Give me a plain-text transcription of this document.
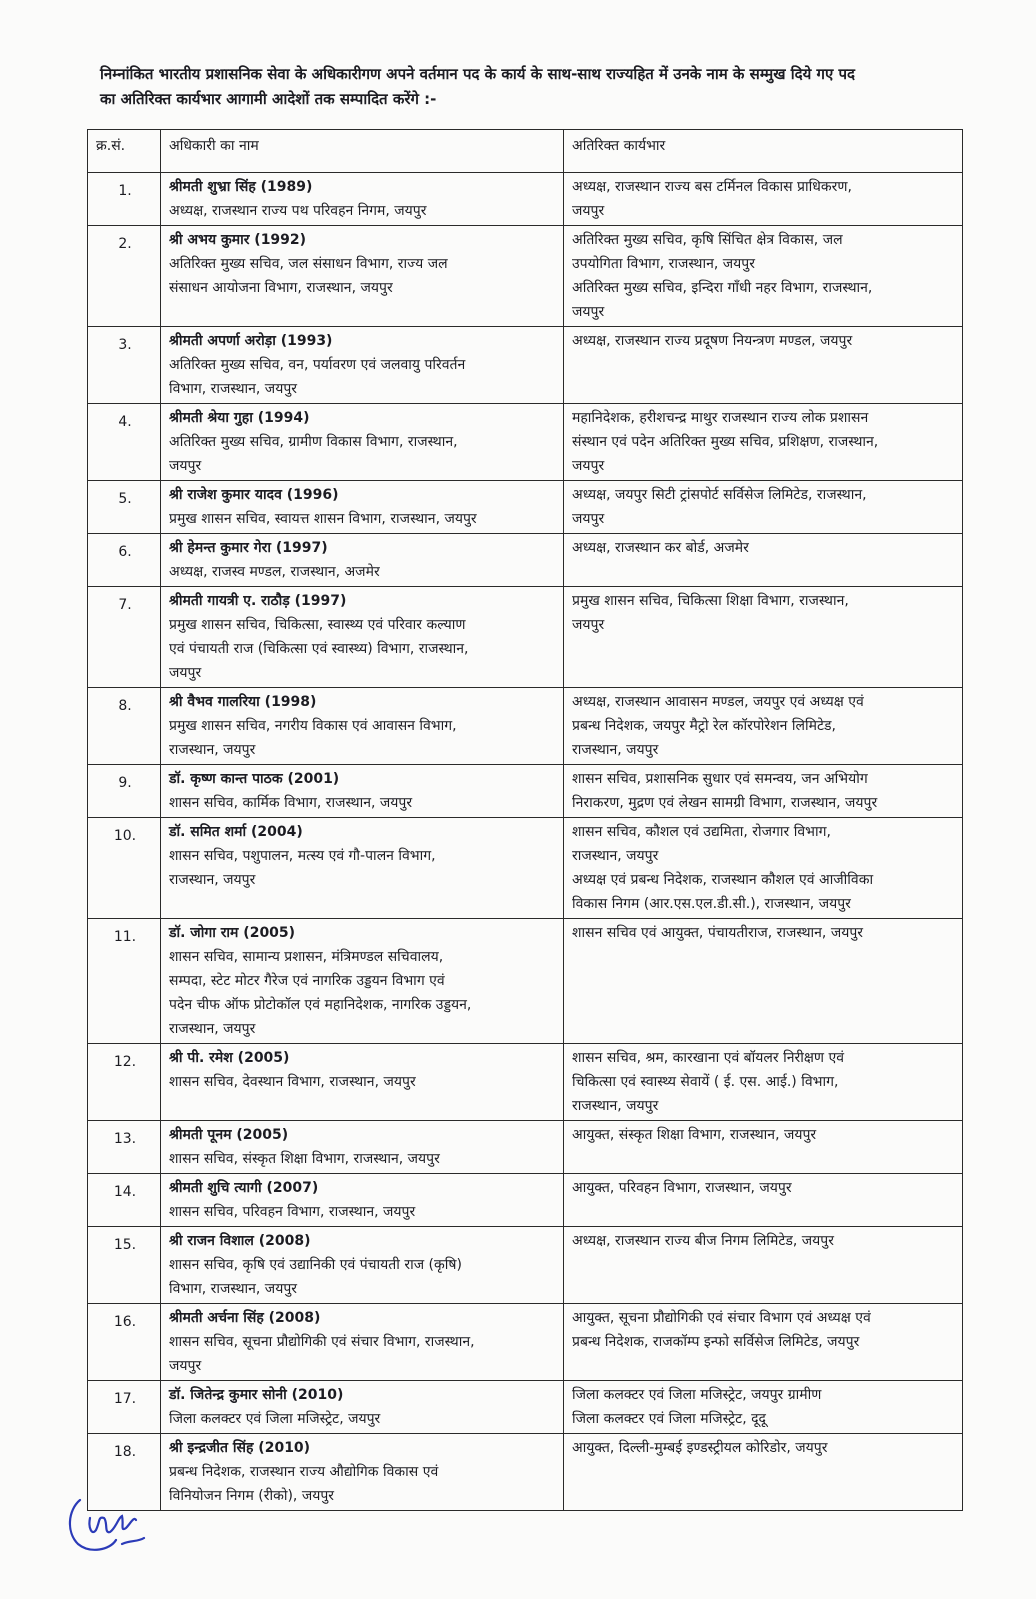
निम्नांकित भारतीय प्रशासनिक सेवा के अधिकारीगण अपने वर्तमान पद के कार्य के साथ-साथ राज्यहित में उनके नाम के सम्मुख दिये गए पद

का अतिरिक्त कार्यभार आगामी आदेशों तक सम्पादित करेंगे :-

क्र.सं.	अधिकारी का नाम	अतिरिक्त कार्यभार
1.	श्रीमती शुभ्रा सिंह (1989)
अध्यक्ष, राजस्थान राज्य पथ परिवहन निगम, जयपुर	अध्यक्ष, राजस्थान राज्य बस टर्मिनल विकास प्राधिकरण,
जयपुर

2.	श्री अभय कुमार (1992)
अतिरिक्त मुख्य सचिव, जल संसाधन विभाग, राज्य जल
संसाधन आयोजना विभाग, राजस्थान, जयपुर	अतिरिक्त मुख्य सचिव, कृषि सिंचित क्षेत्र विकास, जल
उपयोगिता विभाग, राजस्थान, जयपुर
अतिरिक्त मुख्य सचिव, इन्दिरा गाँधी नहर विभाग, राजस्थान,
जयपुर

3.	श्रीमती अपर्णा अरोड़ा (1993)
अतिरिक्त मुख्य सचिव, वन, पर्यावरण एवं जलवायु परिवर्तन
विभाग, राजस्थान, जयपुर	अध्यक्ष, राजस्थान राज्य प्रदूषण नियन्त्रण मण्डल, जयपुर

4.	श्रीमती श्रेया गुहा (1994)
अतिरिक्त मुख्य सचिव, ग्रामीण विकास विभाग, राजस्थान,
जयपुर	महानिदेशक, हरीशचन्द्र माथुर राजस्थान राज्य लोक प्रशासन
संस्थान एवं पदेन अतिरिक्त मुख्य सचिव, प्रशिक्षण, राजस्थान,
जयपुर

5.	श्री राजेश कुमार यादव (1996)
प्रमुख शासन सचिव, स्वायत्त शासन विभाग, राजस्थान, जयपुर	अध्यक्ष, जयपुर सिटी ट्रांसपोर्ट सर्विसेज लिमिटेड, राजस्थान,
जयपुर

6.	श्री हेमन्त कुमार गेरा (1997)
अध्यक्ष, राजस्व मण्डल, राजस्थान, अजमेर	अध्यक्ष, राजस्थान कर बोर्ड, अजमेर

7.	श्रीमती गायत्री ए. राठौड़ (1997)
प्रमुख शासन सचिव, चिकित्सा, स्वास्थ्य एवं परिवार कल्याण
एवं पंचायती राज (चिकित्सा एवं स्वास्थ्य) विभाग, राजस्थान,
जयपुर	प्रमुख शासन सचिव, चिकित्सा शिक्षा विभाग, राजस्थान,
जयपुर

8.	श्री वैभव गालरिया (1998)
प्रमुख शासन सचिव, नगरीय विकास एवं आवासन विभाग,
राजस्थान, जयपुर	अध्यक्ष, राजस्थान आवासन मण्डल, जयपुर एवं अध्यक्ष एवं
प्रबन्ध निदेशक, जयपुर मैट्रो रेल कॉरपोरेशन लिमिटेड,
राजस्थान, जयपुर

9.	डॉ. कृष्ण कान्त पाठक (2001)
शासन सचिव, कार्मिक विभाग, राजस्थान, जयपुर	शासन सचिव, प्रशासनिक सुधार एवं समन्वय, जन अभियोग
निराकरण, मुद्रण एवं लेखन सामग्री विभाग, राजस्थान, जयपुर

10.	डॉ. समित शर्मा (2004)
शासन सचिव, पशुपालन, मत्स्य एवं गौ-पालन विभाग,
राजस्थान, जयपुर	शासन सचिव, कौशल एवं उद्यमिता, रोजगार विभाग,
राजस्थान, जयपुर
अध्यक्ष एवं प्रबन्ध निदेशक, राजस्थान कौशल एवं आजीविका
विकास निगम (आर.एस.एल.डी.सी.), राजस्थान, जयपुर

11.	डॉ. जोगा राम (2005)
शासन सचिव, सामान्य प्रशासन, मंत्रिमण्डल सचिवालय,
सम्पदा, स्टेट मोटर गैरेज एवं नागरिक उड्डयन विभाग एवं
पदेन चीफ ऑफ प्रोटोकॉल एवं महानिदेशक, नागरिक उड्डयन,
राजस्थान, जयपुर	शासन सचिव एवं आयुक्त, पंचायतीराज, राजस्थान, जयपुर

12.	श्री पी. रमेश (2005)
शासन सचिव, देवस्थान विभाग, राजस्थान, जयपुर	शासन सचिव, श्रम, कारखाना एवं बॉयलर निरीक्षण एवं
चिकित्सा एवं स्वास्थ्य सेवायें ( ई. एस. आई.) विभाग,
राजस्थान, जयपुर

13.	श्रीमती पूनम (2005)
शासन सचिव, संस्कृत शिक्षा विभाग, राजस्थान, जयपुर	आयुक्त, संस्कृत शिक्षा विभाग, राजस्थान, जयपुर

14.	श्रीमती शुचि त्यागी (2007)
शासन सचिव, परिवहन विभाग, राजस्थान, जयपुर	आयुक्त, परिवहन विभाग, राजस्थान, जयपुर

15.	श्री राजन विशाल (2008)
शासन सचिव, कृषि एवं उद्यानिकी एवं पंचायती राज (कृषि)
विभाग, राजस्थान, जयपुर	अध्यक्ष, राजस्थान राज्य बीज निगम लिमिटेड, जयपुर

16.	श्रीमती अर्चना सिंह (2008)
शासन सचिव, सूचना प्रौद्योगिकी एवं संचार विभाग, राजस्थान,
जयपुर	आयुक्त, सूचना प्रौद्योगिकी एवं संचार विभाग एवं अध्यक्ष एवं
प्रबन्ध निदेशक, राजकॉम्प इन्फो सर्विसेज लिमिटेड, जयपुर

17.	डॉ. जितेन्द्र कुमार सोनी (2010)
जिला कलक्टर एवं जिला मजिस्ट्रेट, जयपुर	जिला कलक्टर एवं जिला मजिस्ट्रेट, जयपुर ग्रामीण
जिला कलक्टर एवं जिला मजिस्ट्रेट, दूदू

18.	श्री इन्द्रजीत सिंह (2010)
प्रबन्ध निदेशक, राजस्थान राज्य औद्योगिक विकास एवं
विनियोजन निगम (रीको), जयपुर	आयुक्त, दिल्ली-मुम्बई इण्डस्ट्रीयल कोरिडोर, जयपुर
